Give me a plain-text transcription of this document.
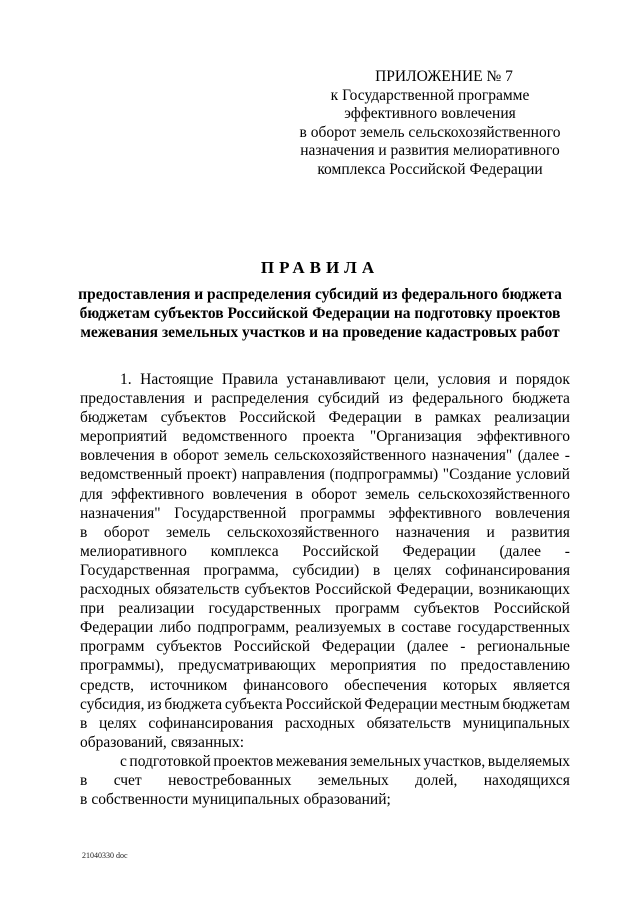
ПРИЛОЖЕНИЕ № 7
к Государственной программе
эффективного вовлечения
в оборот земель сельскохозяйственного
назначения и развития мелиоративного
комплекса Российской Федерации
ПРАВИЛА
предоставления и распределения субсидий из федерального бюджета
бюджетам субъектов Российской Федерации на подготовку проектов
межевания земельных участков и на проведение кадастровых работ
1. Настоящие Правила устанавливают цели, условия и порядок
предоставления и распределения субсидий из федерального бюджета
бюджетам субъектов Российской Федерации в рамках реализации
мероприятий ведомственного проекта "Организация эффективного
вовлечения в оборот земель сельскохозяйственного назначения" (далее -
ведомственный проект) направления (подпрограммы) "Создание условий
для эффективного вовлечения в оборот земель сельскохозяйственного
назначения" Государственной программы эффективного вовлечения
в оборот земель сельскохозяйственного назначения и развития
мелиоративного комплекса Российской Федерации (далее -
Государственная программа, субсидии) в целях софинансирования
расходных обязательств субъектов Российской Федерации, возникающих
при реализации государственных программ субъектов Российской
Федерации либо подпрограмм, реализуемых в составе государственных
программ субъектов Российской Федерации (далее - региональные
программы), предусматривающих мероприятия по предоставлению
средств, источником финансового обеспечения которых является
субсидия, из бюджета субъекта Российской Федерации местным бюджетам
в целях софинансирования расходных обязательств муниципальных
образований, связанных:
с подготовкой проектов межевания земельных участков, выделяемых
в счет невостребованных земельных долей, находящихся
в собственности муниципальных образований;
21040330 doc
